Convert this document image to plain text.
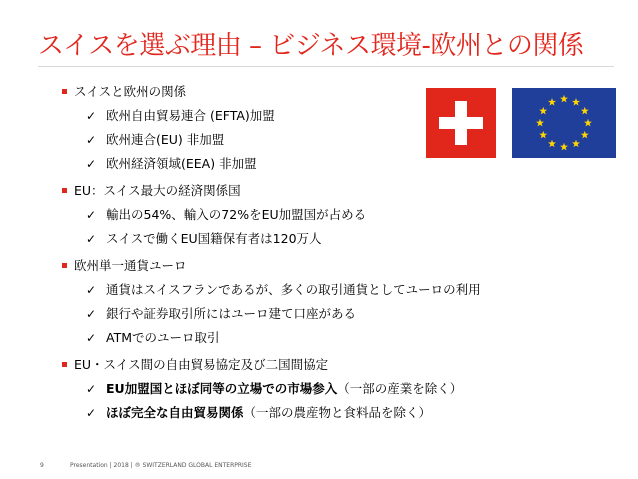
スイスを選ぶ理由 – ビジネス環境-欧州との関係
スイスと欧州の関係
✓ 欧州自由貿易連合 (EFTA)加盟
✓ 欧州連合(EU) 非加盟
✓ 欧州経済領域(EEA) 非加盟
EU：スイス最大の経済関係国
✓ 輸出の54%、輸入の72%をEU加盟国が占める
✓ スイスで働くEU国籍保有者は120万人
欧州単一通貨ユーロ
✓ 通貨はスイスフランであるが、多くの取引通貨としてユーロの利用
✓ 銀行や証券取引所にはユーロ建て口座がある
✓ ATMでのユーロ取引
EU・スイス間の自由貿易協定及び二国間協定
✓ EU加盟国とほぼ同等の立場での市場参入（一部の産業を除く）
✓ ほぼ完全な自由貿易関係（一部の農産物と食料品を除く）
9	Presentation | 2018 | ® SWITZERLAND GLOBAL ENTERPRISE
